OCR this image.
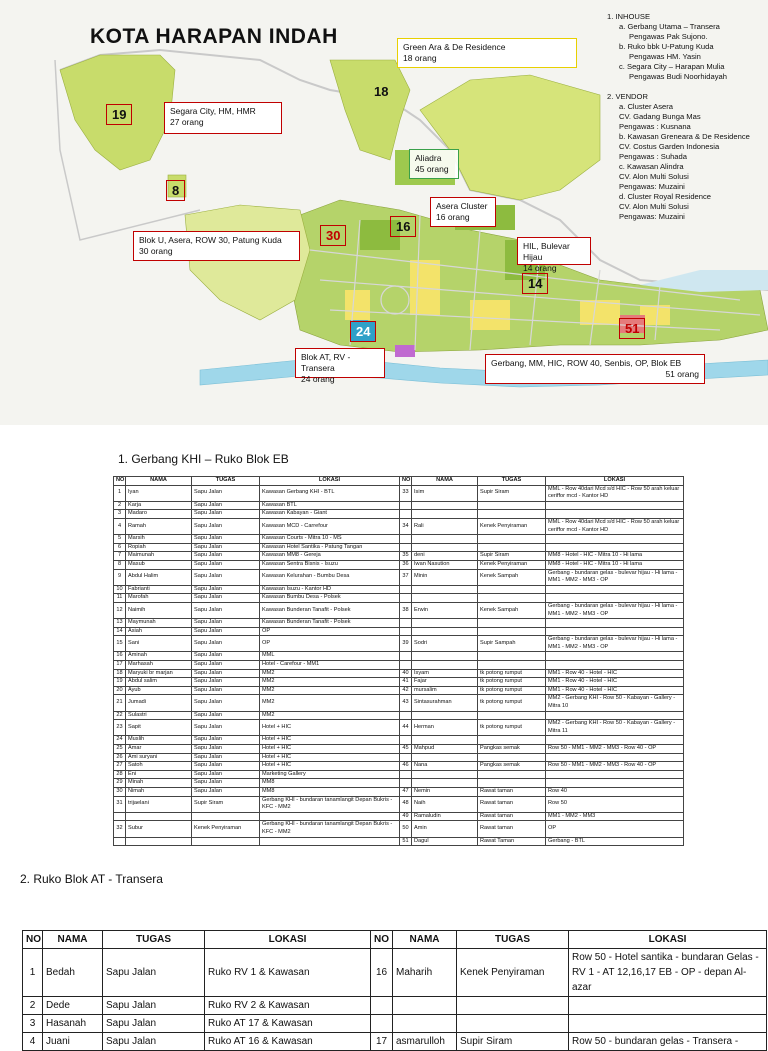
KOTA HARAPAN INDAH
19
18
8
30
16
14
24	51
Green Ara & De Residence
18 orang
Segara City, HM, HMR
27 orang
Aliadra
45 orang
Asera Cluster
16 orang
Blok U, Asera, ROW 30, Patung Kuda
30 orang	HIL, Bulevar Hijau
14 orang
Blok AT, RV - Transera
24 orang
Gerbang, MM, HIC, ROW 40, Senbis, OP, Blok EB
51 orang
1. INHOUSE
a. Gerbang Utama – Transera
Pengawas Pak Sujono.
b. Ruko bbk U-Patung Kuda
Pengawas HM. Yasin
c. Segara City – Harapan Mulia
Pengawas Budi Noorhidayah

2. VENDOR
a. Cluster Asera
CV. Gadang Bunga Mas
Pengawas : Kusnana
b. Kawasan Greneara & De Residence
CV. Costus Garden Indonesia
Pengawas : Suhada
c. Kawasan Alindra
CV. Alon Multi Solusi
Pengawas: Muzaini
d. Cluster Royal Residence
CV. Alon Multi Solusi
Pengawas: Muzaini
1. Gerbang KHI – Ruko Blok EB
NO	NAMA	TUGAS	LOKASI	NO	NAMA	TUGAS	LOKASI
1	Iyan	Sapu Jalan	Kawasan Gerbang KHI - BTL	33	Isim	Supir Siram	MML - Row 40dari Mcd s/d HIC - Row 50 arah keluar ceriffor mcd - Kantor HD
2	Karja	Sapu Jalan	Kawasan BTL				
3	Madaro	Sapu Jalan	Kawasan Kabayan - Giant				
4	Ramah	Sapu Jalan	Kawasan MCD - Carrefour	34	Rali	Kenek Penyiraman	MML - Row 40dari Mcd s/d HIC - Row 50 arah keluar ceriffor mcd - Kantor HD
5	Marsih	Sapu Jalan	Kawasan Courts - Mitra 10 - MS				
6	Ropiah	Sapu Jalan	Kawasan Hotel Santika - Patung Tangan				
7	Maimunah	Sapu Jalan	Kawasan MM8 - Gereja	35	deni	Supir Siram	MM8 - Hotel - HIC - Mitra 10 - Hi lama
8	Masub	Sapu Jalan	Kawasan Sentra Bisnis - Isuzu	36	Iwan Nasution	Kenek Penyiraman	MM8 - Hotel - HIC - Mitra 10 - Hi lama
9	Abdul Halim	Sapu Jalan	Kawasan Kelurahan - Bumbu Desa	37	Minin	Kenek Sampah	Gerbang - bundaran gelas - bulevar hijau - Hi lama - MM1 - MM2 - MM3 - OP
10	Fabrianti	Sapu Jalan	Kawasan Isuzu - Kantor HD				
11	Marofah	Sapu Jalan	Kawasan Bumbu Desa - Polsek				
12	Naimih	Sapu Jalan	Kawasan Bunderan Tanafit - Polsek	38	Erwin	Kenek Sampah	Gerbang - bundaran gelas - bulevar hijau - Hi lama - MM1 - MM2 - MM3 - OP
13	Maymunah	Sapu Jalan	Kawasan Bunderan Tanafit - Polsek				
14	Asiah	Sapu Jalan	OP				
15	Sani	Sapu Jalan	OP	39	Sodri	Supir Sampah	Gerbang - bundaran gelas - bulevar hijau - Hi lama - MM1 - MM2 - MM3 - OP
16	Aminah	Sapu Jalan	MML				
17	Marhasah	Sapu Jalan	Hotel - Carefour - MM1				
18	Maryuki br marjan	Sapu Jalan	MM2	40	Isyam	tk potong rumput	MM1 - Row 40 - Hotel - HIC
19	Abdul salim	Sapu Jalan	MM2	41	Fajar	tk potong rumput	MM1 - Row 40 - Hotel - HIC
20	Ayub	Sapu Jalan	MM2	42	mursalim	tk potong rumput	MM1 - Row 40 - Hotel - HIC
21	Jumadi	Sapu Jalan	MM2	43	Sintasurahman	tk potong rumput	MM2 - Gerbang KHI - Row 50 - Kabayan - Gallery - Mitra 10
22	Sulastri	Sapu Jalan	MM2				
23	Sapit	Sapu Jalan	Hotel + HIC	44	Herman	tk potong rumput	MM2 - Gerbang KHI - Row 50 - Kabayan - Gallery - Mitra 11
24	Muslih	Sapu Jalan	Hotel + HIC				
25	Amar	Sapu Jalan	Hotel + HIC	45	Mahpud	Pangkas semak	Row 50 - MM1 - MM2 - MM3 - Row 40 - OP
26	Ami suryani	Sapu Jalan	Hotel + HIC				
27	Satoh	Sapu Jalan	Hotel + HIC	46	Nana	Pangkas semak	Row 50 - MM1 - MM2 - MM3 - Row 40 - OP
28	Eni	Sapu Jalan	Marketing Gallery				
29	Minah	Sapu Jalan	MM8				
30	Nimah	Sapu Jalan	MM8	47	Nemin	Rawat taman	Row 40
31	trijaelani	Supir Siram	Gerbang KHI - bundaran tanamlangit Depan Bukris - KFC - MM2	48	Naih	Rawat taman	Row 50
				49	Ramaludin	Rawat taman	MM1 - MM2 - MM3
32	Subur	Kenek Penyiraman	Gerbang KHI - bundaran tanamlangit Depan Bukris - KFC - MM2	50	Amin	Rawat taman	OP
				51	Dagul	Rawat Taman	Gerbang - BTL
2. Ruko Blok AT - Transera
NO	NAMA	TUGAS	LOKASI	NO	NAMA	TUGAS	LOKASI
1	Bedah	Sapu Jalan	Ruko RV 1 & Kawasan	16	Maharih	Kenek Penyiraman	Row 50 - Hotel santika - bundaran Gelas - RV 1 - AT 12,16,17 EB - OP - depan Al-azar
2	Dede	Sapu Jalan	Ruko RV 2 & Kawasan				
3	Hasanah	Sapu Jalan	Ruko AT 17 & Kawasan				
4	Juani	Sapu Jalan	Ruko AT 16 & Kawasan	17	asmarulloh	Supir Siram	Row 50 - bundaran gelas - Transera -
